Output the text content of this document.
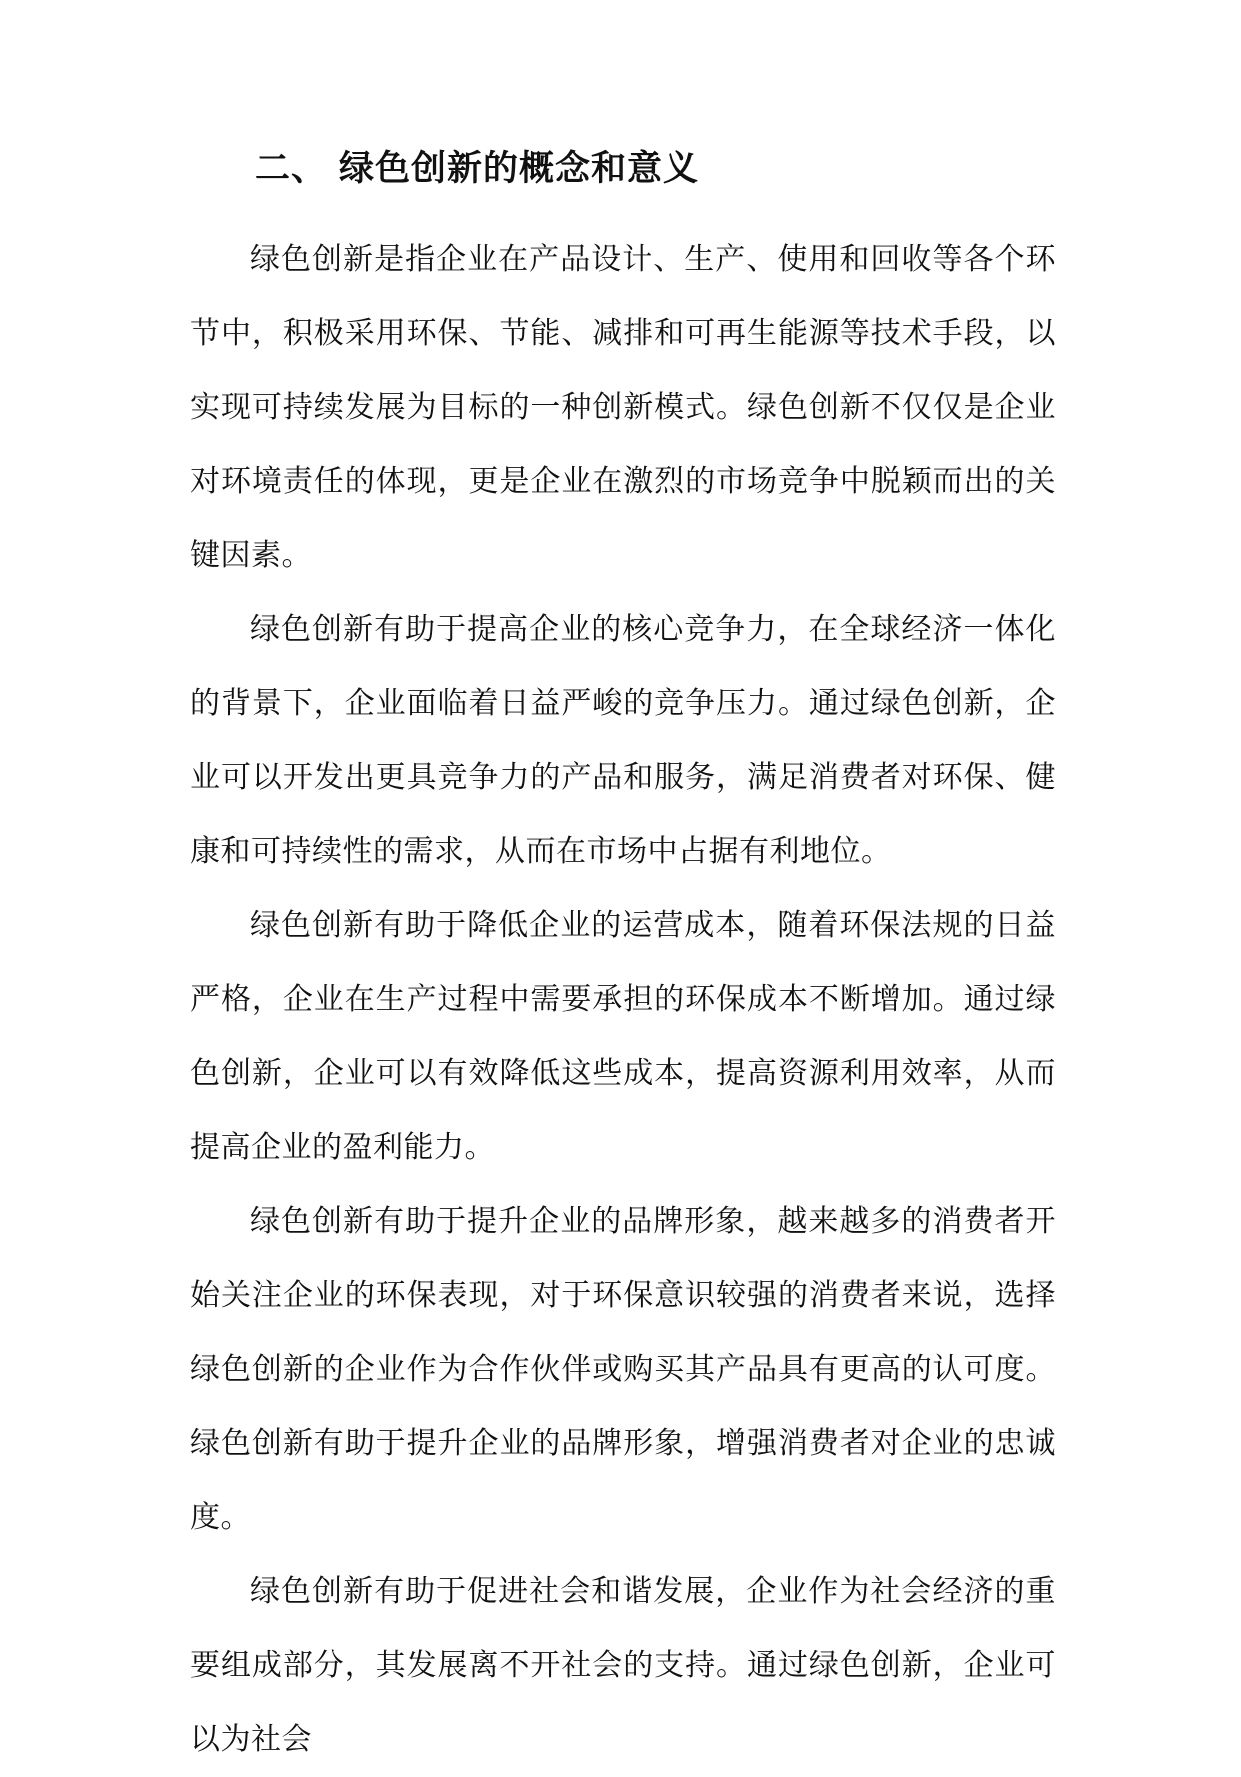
二、 绿色创新的概念和意义

绿色创新是指企业在产品设计、生产、使用和回收等各个环节中，积极采用环保、节能、减排和可再生能源等技术手段，以实现可持续发展为目标的一种创新模式。绿色创新不仅仅是企业对环境责任的体现，更是企业在激烈的市场竞争中脱颖而出的关键因素。

绿色创新有助于提高企业的核心竞争力，在全球经济一体化的背景下，企业面临着日益严峻的竞争压力。通过绿色创新，企业可以开发出更具竞争力的产品和服务，满足消费者对环保、健康和可持续性的需求，从而在市场中占据有利地位。

绿色创新有助于降低企业的运营成本，随着环保法规的日益严格，企业在生产过程中需要承担的环保成本不断增加。通过绿色创新，企业可以有效降低这些成本，提高资源利用效率，从而提高企业的盈利能力。

绿色创新有助于提升企业的品牌形象，越来越多的消费者开始关注企业的环保表现，对于环保意识较强的消费者来说，选择绿色创新的企业作为合作伙伴或购买其产品具有更高的认可度。绿色创新有助于提升企业的品牌形象，增强消费者对企业的忠诚度。

绿色创新有助于促进社会和谐发展，企业作为社会经济的重要组成部分，其发展离不开社会的支持。通过绿色创新，企业可以为社会
